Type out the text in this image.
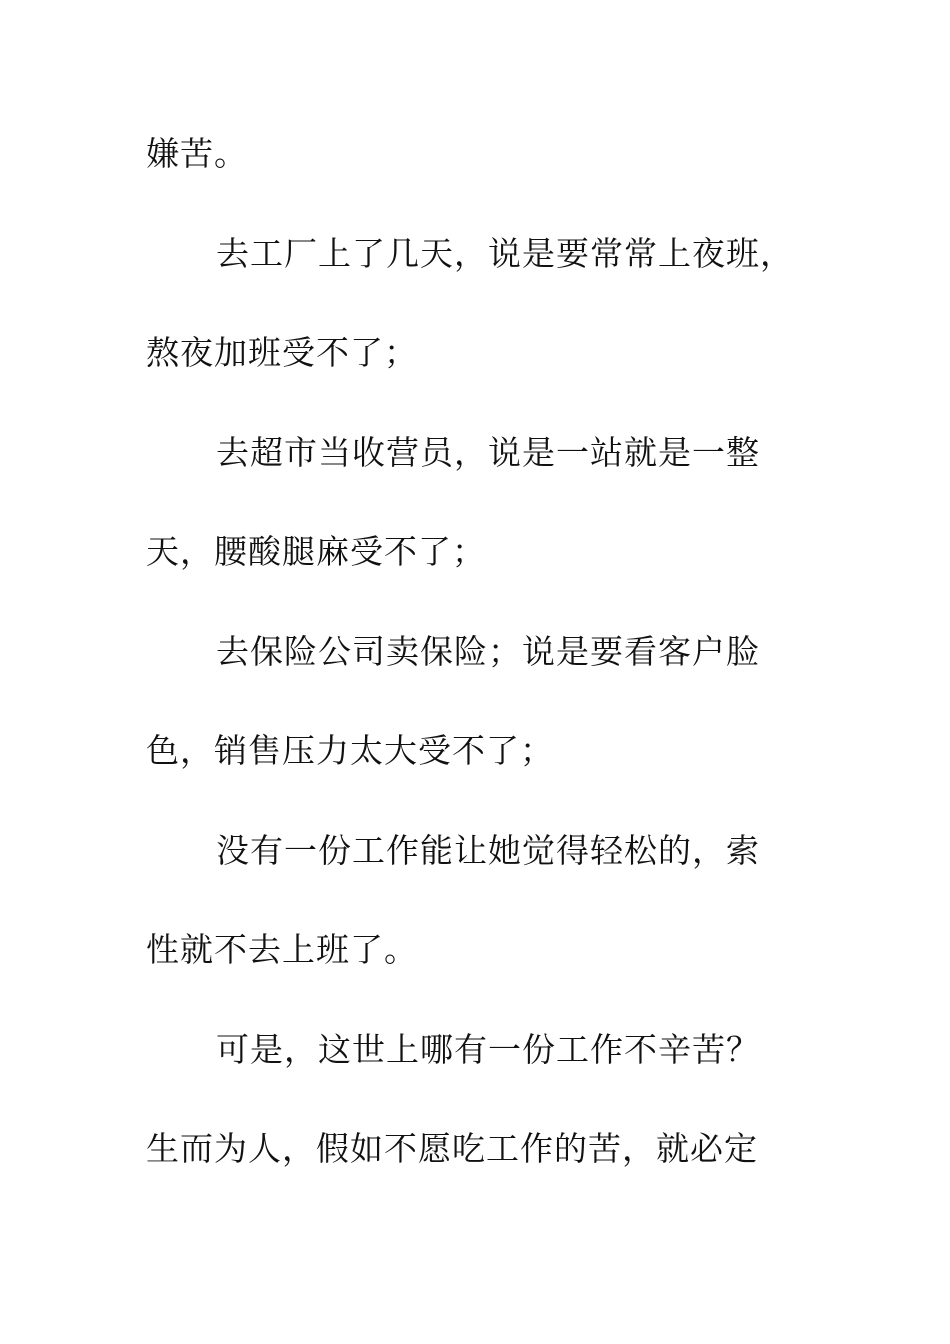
嫌苦。
去工厂上了几天，说是要常常上夜班，
熬夜加班受不了；
去超市当收营员，说是一站就是一整
天，腰酸腿麻受不了；
去保险公司卖保险；说是要看客户脸
色，销售压力太大受不了；
没有一份工作能让她觉得轻松的，索
性就不去上班了。
可是，这世上哪有一份工作不辛苦？
生而为人，假如不愿吃工作的苦，就必定
